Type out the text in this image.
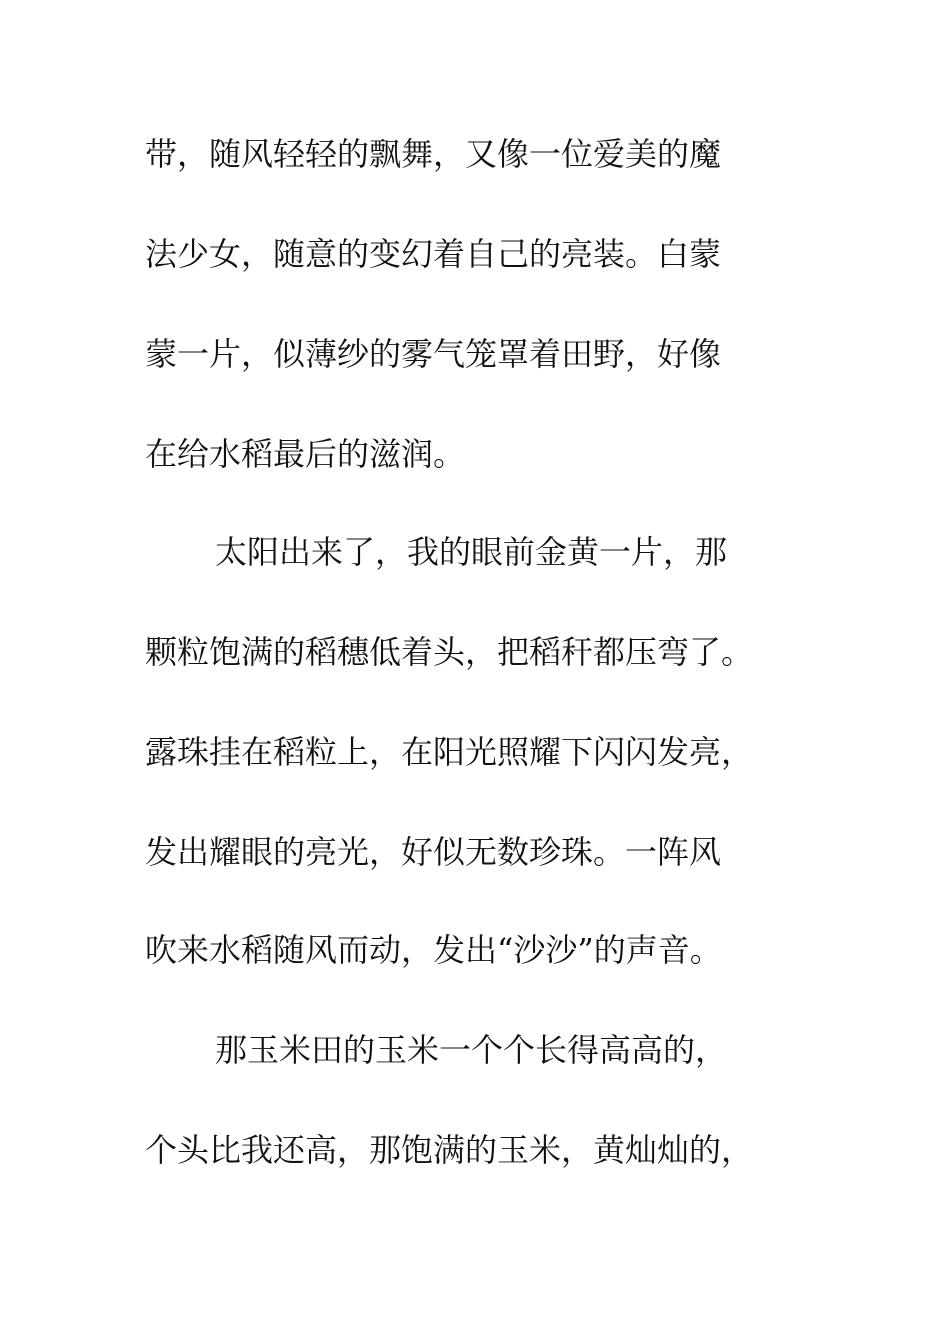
带，随风轻轻的飘舞，又像一位爱美的魔
法少女，随意的变幻着自己的亮装。白蒙
蒙一片，似薄纱的雾气笼罩着田野，好像
在给水稻最后的滋润。
太阳出来了，我的眼前金黄一片，那
颗粒饱满的稻穗低着头，把稻秆都压弯了。
露珠挂在稻粒上，在阳光照耀下闪闪发亮，
发出耀眼的亮光，好似无数珍珠。一阵风
吹来水稻随风而动，发出“沙沙”的声音。
那玉米田的玉米一个个长得高高的，
个头比我还高，那饱满的玉米，黄灿灿的，
